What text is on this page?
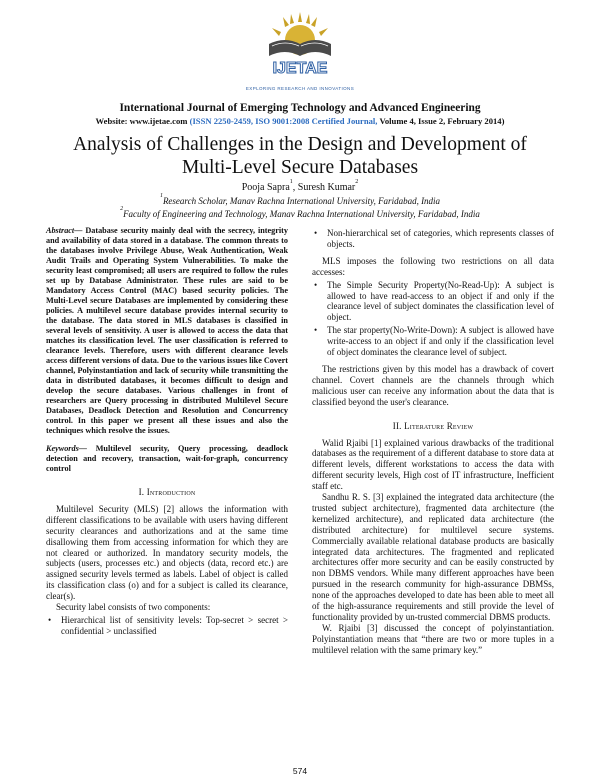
IJETAE
EXPLORING RESEARCH AND INNOVATIONS
International Journal of Emerging Technology and Advanced Engineering
Website: www.ijetae.com (ISSN 2250-2459, ISO 9001:2008 Certified Journal, Volume 4, Issue 2, February 2014)
Analysis of Challenges in the Design and Development of
Multi-Level Secure Databases
Pooja Sapra$^1$, Suresh Kumar$^2$
$^1$Research Scholar, Manav Rachna International University, Faridabad, India
$^2$Faculty of Engineering and Technology, Manav Rachna International University, Faridabad, India

Abstract— Database security mainly deal with the secrecy, integrity and availability of data stored in a database. The common threats to the databases involve Privilege Abuse, Weak Authentication, Weak Audit Trails and Operating System Vulnerabilities. To make the security least compromised; all users are required to follow the rules set up by Database Administrator. These rules are said to be Mandatory Access Control (MAC) based security policies. The Multi-Level secure Databases are implemented by considering these policies. A multilevel secure database provides internal security to the database. The data stored in MLS databases is classified in several levels of sensitivity. A user is allowed to access the data that matches its classification level. The user classification is referred to clearance levels. Therefore, users with different clearance levels access different versions of data. Due to the various issues like Covert channel, Polyinstantiation and lack of security while transmitting the data in distributed databases, it becomes difficult to design and develop the secure databases. Various challenges in front of researchers are Query processing in distributed Multilevel Secure Databases, Deadlock Detection and Resolution and Concurrency control. In this paper we present all these issues and also the techniques which resolve the issues.

Keywords— Multilevel security, Query processing, deadlock detection and recovery, transaction, wait-for-graph, concurrency control

I. Introduction

Multilevel Security (MLS) [2] allows the information with different classifications to be available with users having different security clearances and authorizations and at the same time disallowing them from accessing information for which they are not cleared or authorized. In mandatory security models, the subjects (users, processes etc.) and objects (data, record etc.) are assigned security levels termed as labels. Label of object is called its classification class (o) and for a subject is called its clearance, clear(s).

Security label consists of two components:

• Hierarchical list of sensitivity levels: Top-secret > secret > confidential > unclassified
• Non-hierarchical set of categories, which represents classes of objects.

MLS imposes the following two restrictions on all data accesses:

• The Simple Security Property(No-Read-Up): A subject is allowed to have read-access to an object if and only if the clearance level of subject dominates the classification level of object.
• The star property(No-Write-Down): A subject is allowed have write-access to an object if and only if the classification level of object dominates the clearance level of subject.

The restrictions given by this model has a drawback of covert channel. Covert channels are the channels through which malicious user can receive any information about the data that is classified beyond the user's clearance.

II. Literature Review

Walid Rjaibi [1] explained various drawbacks of the traditional databases as the requirement of a different database to store data at different levels, different workstations to access the data with different security levels, High cost of IT infrastructure, Inefficient staff etc.

Sandhu R. S. [3] explained the integrated data architecture (the trusted subject architecture), fragmented data architecture (the kernelized architecture), and replicated data architecture (the distributed architecture) for multilevel secure systems. Commercially available relational database products are basically integrated data architectures. The fragmented and replicated architectures offer more security and can be easily constructed by non DBMS vendors. While many different approaches have been pursued in the research community for high-assurance DBMSs, none of the approaches developed to date has been able to meet all of the high-assurance requirements and still provide the level of functionality provided by un-trusted commercial DBMS products.

W. Rjaibi [3] discussed the concept of polyinstantiation. Polyinstantiation means that “there are two or more tuples in a multilevel relation with the same primary key.”

574
